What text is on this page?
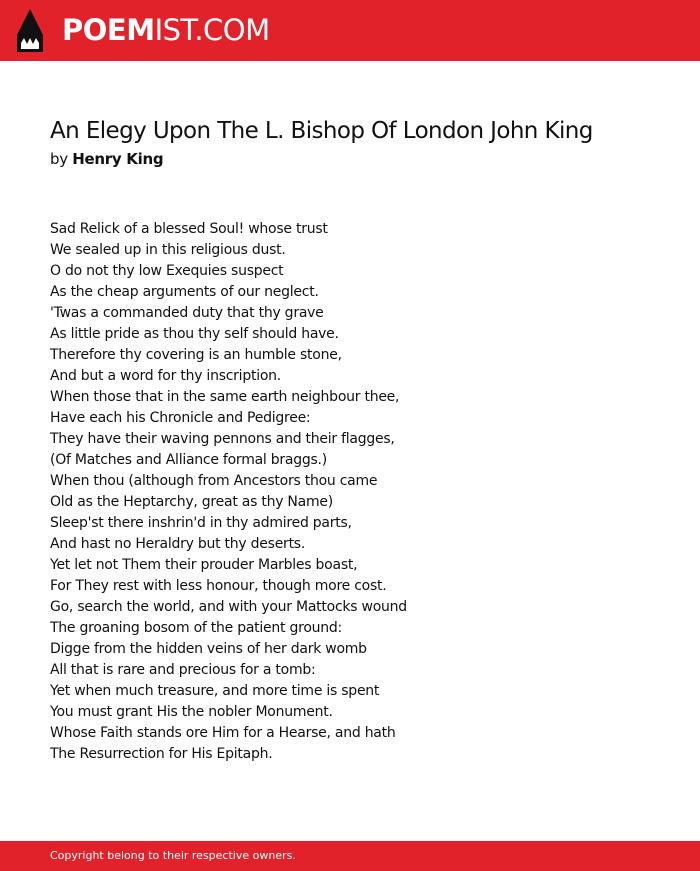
POEMIST.COM
An Elegy Upon The L. Bishop Of London John King
by Henry King
Sad Relick of a blessed Soul! whose trust
We sealed up in this religious dust.
O do not thy low Exequies suspect
As the cheap arguments of our neglect.
'Twas a commanded duty that thy grave
As little pride as thou thy self should have.
Therefore thy covering is an humble stone,
And but a word for thy inscription.
When those that in the same earth neighbour thee,
Have each his Chronicle and Pedigree:
They have their waving pennons and their flagges,
(Of Matches and Alliance formal braggs.)
When thou (although from Ancestors thou came
Old as the Heptarchy, great as thy Name)
Sleep'st there inshrin'd in thy admired parts,
And hast no Heraldry but thy deserts.
Yet let not Them their prouder Marbles boast,
For They rest with less honour, though more cost.
Go, search the world, and with your Mattocks wound
The groaning bosom of the patient ground:
Digge from the hidden veins of her dark womb
All that is rare and precious for a tomb:
Yet when much treasure, and more time is spent
You must grant His the nobler Monument.
Whose Faith stands ore Him for a Hearse, and hath
The Resurrection for His Epitaph.
Copyright belong to their respective owners.
